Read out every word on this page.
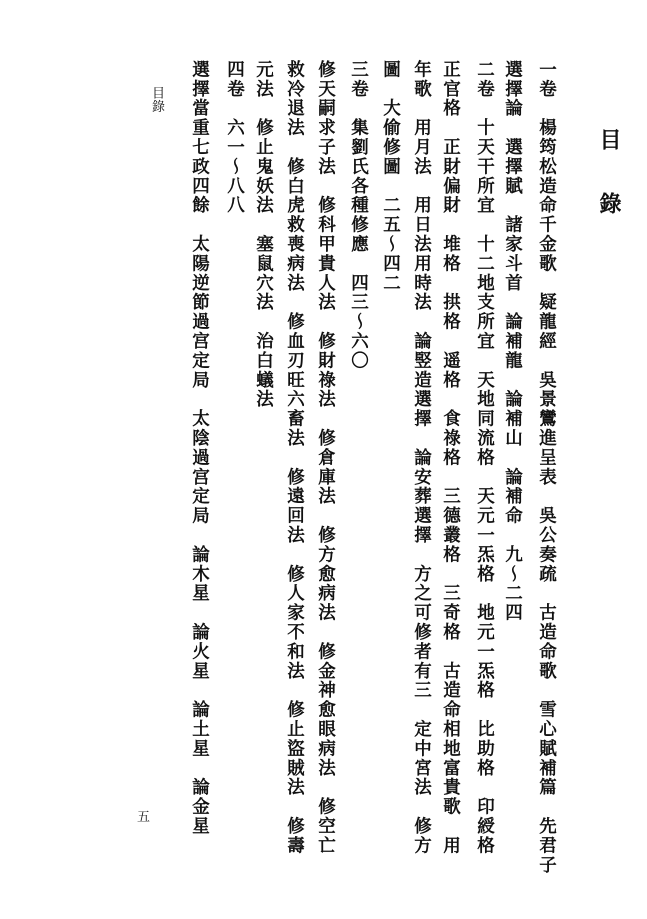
目錄
目錄	一卷　楊筠松造命千金歌　疑龍經　吳景鸞進呈表　吳公奏疏　古造命歌　雪心賦補篇　先君子
選擇論　選擇賦　諸家斗首　論補龍　論補山　論補命　九～二四
二卷　十天干所宜　十二地支所宜　天地同流格　天元一炁格　地元一炁格　比助格　印綬格
正官格　正財偏財　堆格　拱格　遥格　食祿格　三德叢格　三奇格　古造命相地富貴歌　用
年歌　用月法　用日法用時法　論竪造選擇　論安葬選擇　方之可修者有三　定中宮法　修方
圖　大偷修圖　二五～四二
三卷　集劉氏各種修應　四三～六〇
修天嗣求子法　修科甲貴人法　修財祿法　修倉庫法　修方愈病法　修金神愈眼病法　修空亡
救冷退法　修白虎救喪病法　修血刃旺六畜法　修遠回法　修人家不和法　修止盜賊法　修壽
元法　修止鬼妖法　塞鼠穴法　治白蟻法
四卷　六一～八八
選擇當重七政四餘　太陽逆節過宫定局　太陰過宫定局　論木星　論火星　論土星　論金星
五
